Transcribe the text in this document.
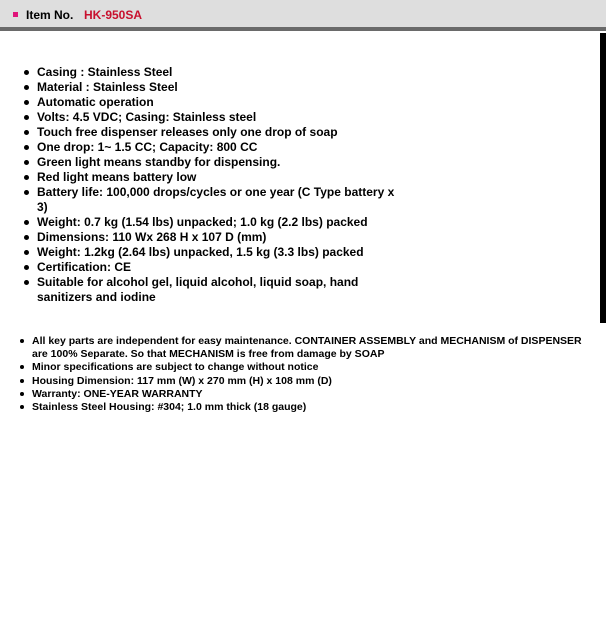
Item No. HK-950SA
Casing : Stainless Steel
Material : Stainless Steel
Automatic operation
Volts: 4.5 VDC; Casing: Stainless steel
Touch free dispenser releases only one drop of soap
One drop: 1~ 1.5 CC; Capacity: 800 CC
Green light means standby for dispensing.
Red light means battery low
Battery life: 100,000 drops/cycles or one year (C Type battery x 3)
Weight: 0.7 kg (1.54 lbs) unpacked; 1.0 kg (2.2 lbs) packed
Dimensions: 110 Wx 268 H x 107 D (mm)
Weight: 1.2kg (2.64 lbs) unpacked, 1.5 kg (3.3 lbs) packed
Certification: CE
Suitable for alcohol gel, liquid alcohol, liquid soap, hand sanitizers and iodine
All key parts are independent for easy maintenance. CONTAINER ASSEMBLY and MECHANISM of DISPENSER are 100% Separate. So that MECHANISM is free from damage by SOAP
Minor specifications are subject to change without notice
Housing Dimension: 117 mm (W) x 270 mm (H) x 108 mm (D)
Warranty: ONE-YEAR WARRANTY
Stainless Steel Housing: #304; 1.0 mm thick (18 gauge)
